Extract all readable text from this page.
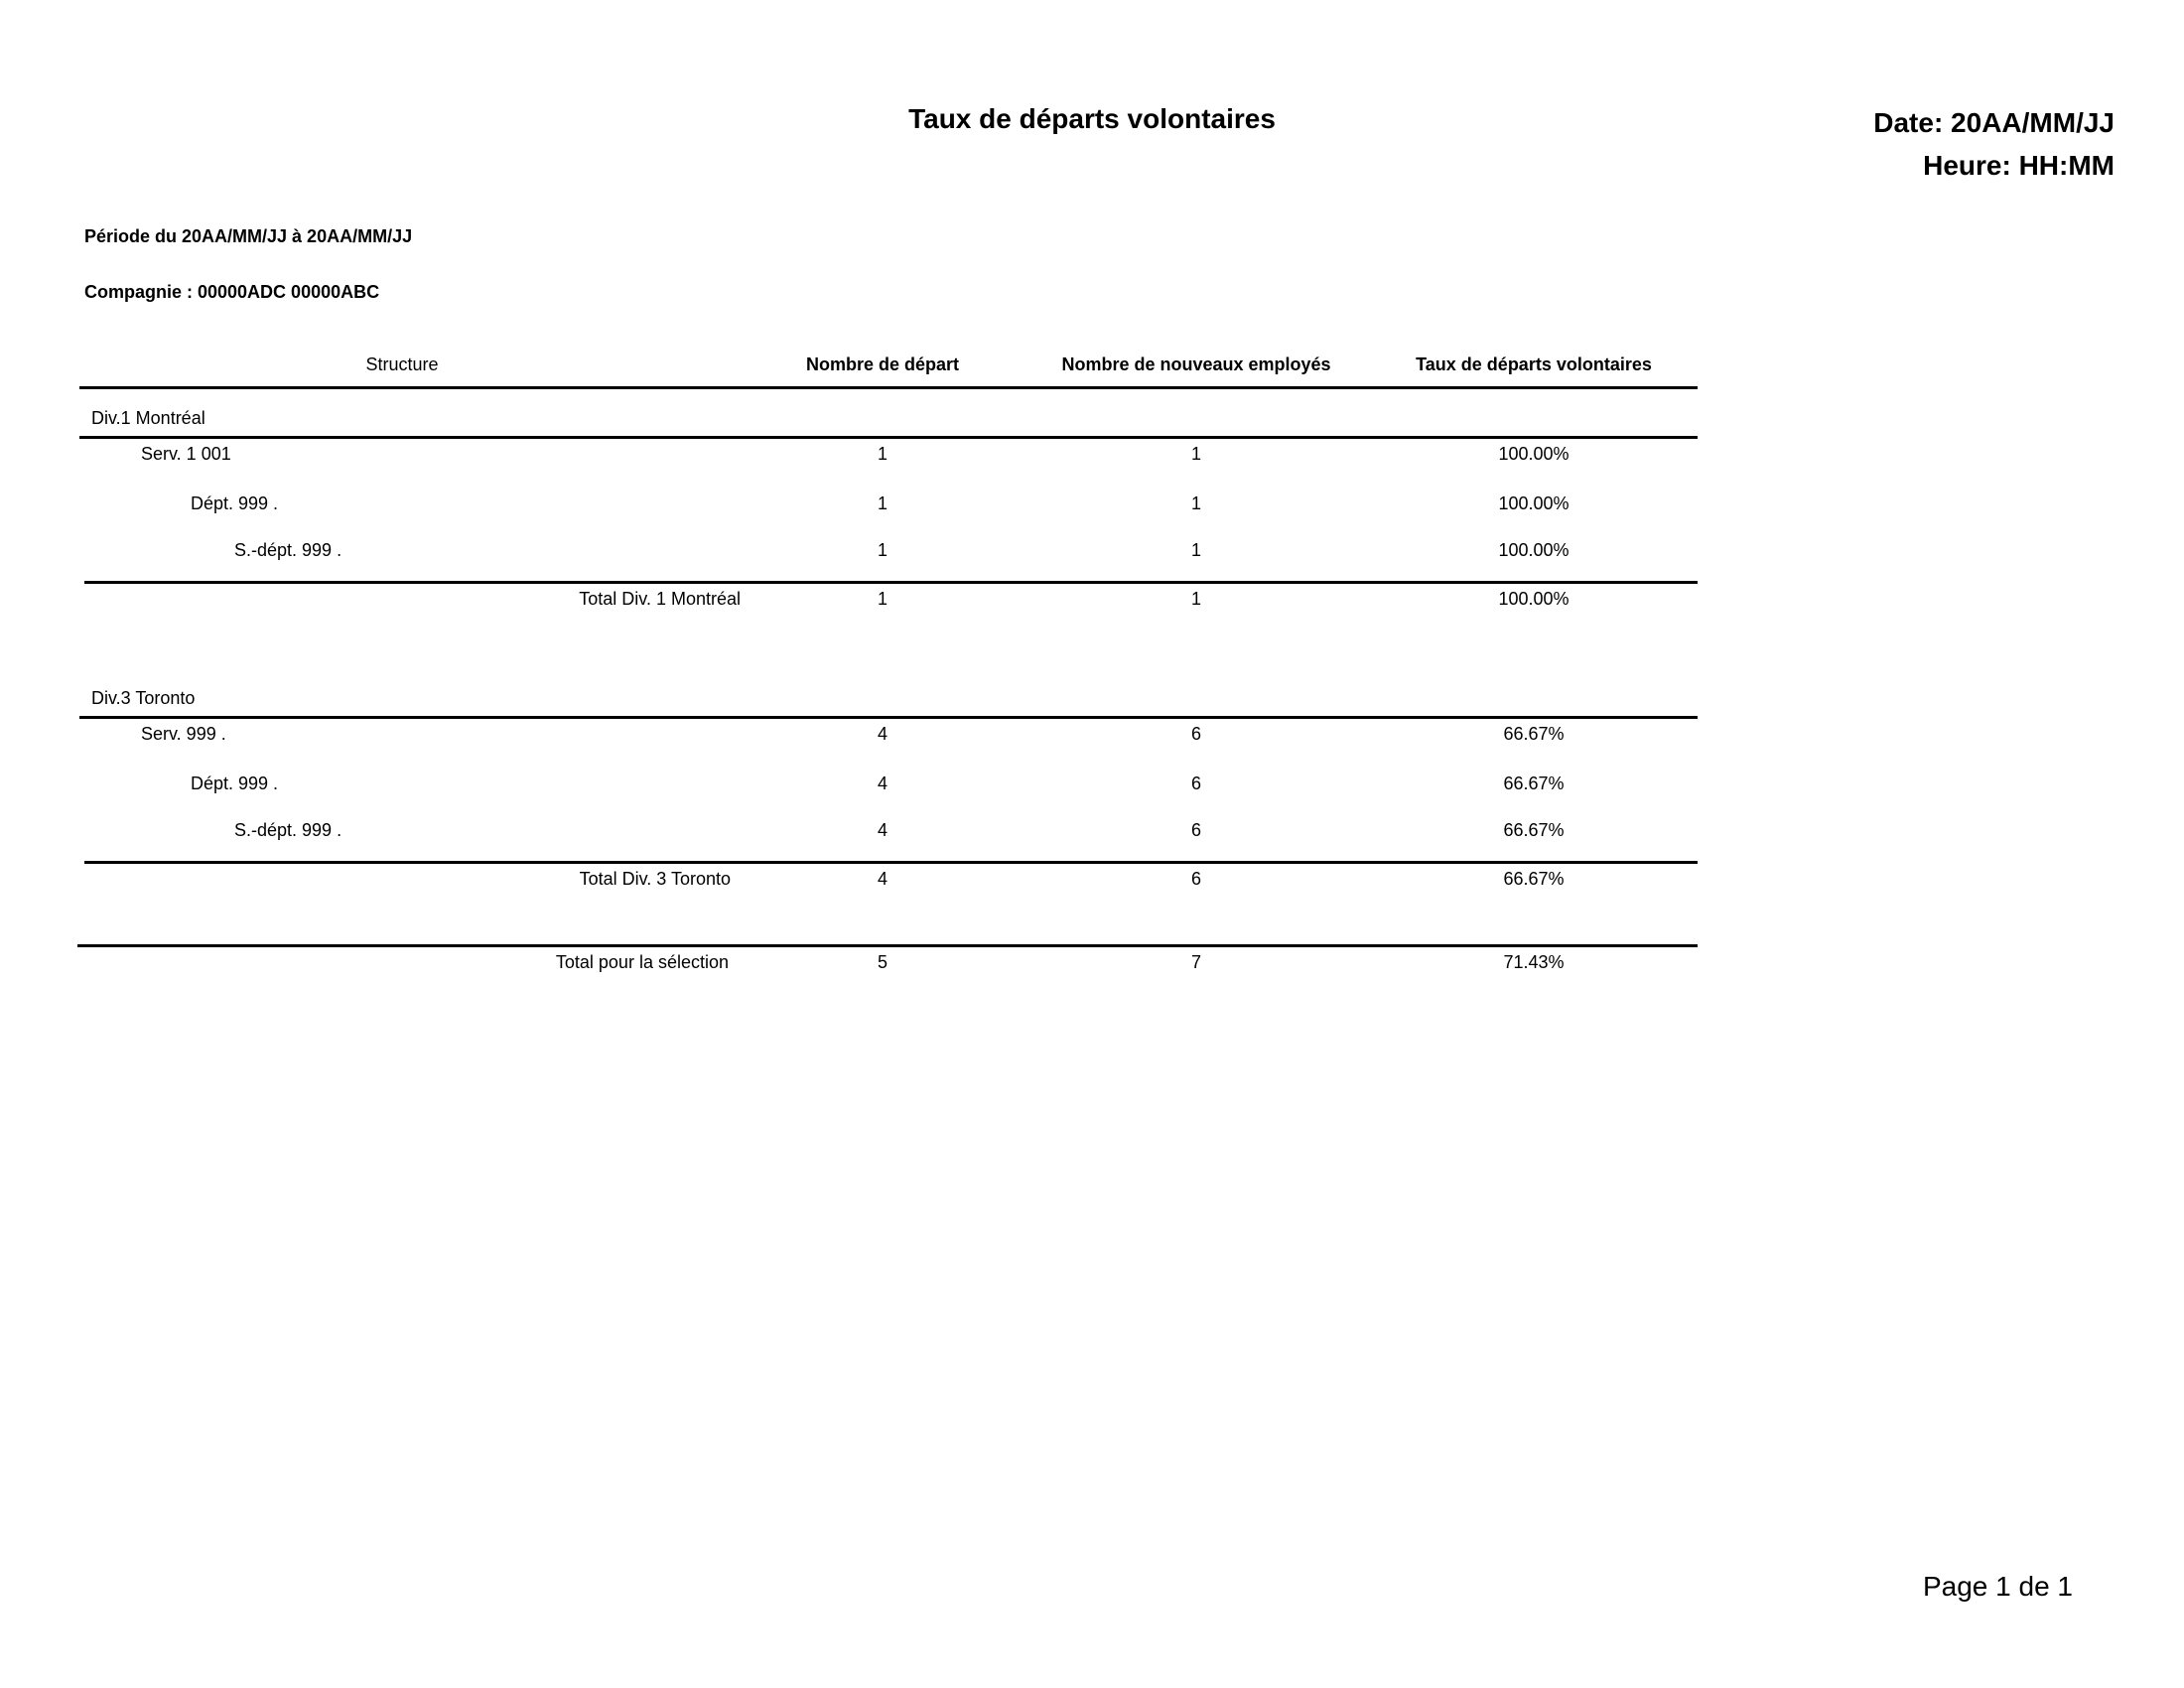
Taux de départs volontaires	Date: 20AA/MM/JJ
Heure: HH:MM
Période du 20AA/MM/JJ à 20AA/MM/JJ
Compagnie : 00000ADC 00000ABC
Structure	Nombre de départ	Nombre de nouveaux employés	Taux de départs volontaires
Div.1 Montréal
Serv. 1 001	1	1	100.00%
Dépt. 999 .	1	1	100.00%
S.-dépt. 999 .	1	1	100.00%
Total Div. 1 Montréal	1	1	100.00%
Div.3 Toronto
Serv. 999 .	4	6	66.67%
Dépt. 999 .	4	6	66.67%
S.-dépt. 999 .	4	6	66.67%
Total Div. 3 Toronto	4	6	66.67%
Total pour la sélection	5	7	71.43%
Page 1 de 1
